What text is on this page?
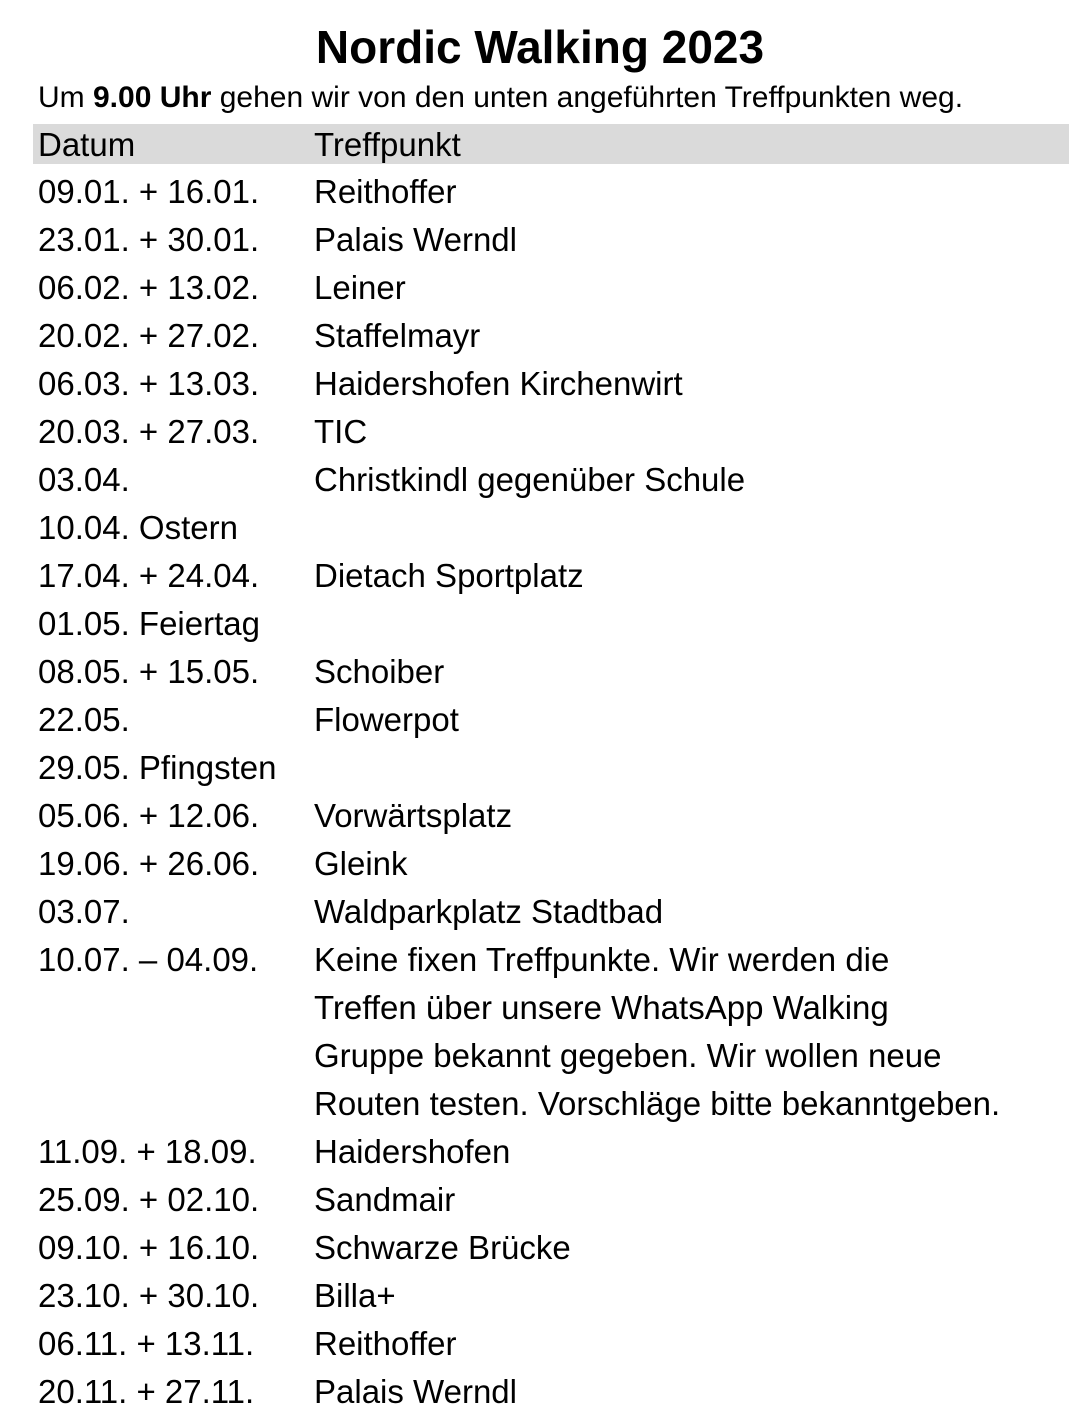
Nordic Walking 2023
Um 9.00 Uhr gehen wir von den unten angeführten Treffpunkten weg.
Datum	Treffpunkt
09.01. + 16.01.	Reithoffer
23.01. + 30.01.	Palais Werndl
06.02. + 13.02.	Leiner
20.02. + 27.02.	Staffelmayr
06.03. + 13.03.	Haidershofen Kirchenwirt
20.03. + 27.03.	TIC
03.04.	Christkindl gegenüber Schule
10.04. Ostern
17.04. + 24.04.	Dietach Sportplatz
01.05. Feiertag
08.05. + 15.05.	Schoiber
22.05.	Flowerpot
29.05. Pfingsten
05.06. + 12.06.	Vorwärtsplatz
19.06. + 26.06.	Gleink
03.07.	Waldparkplatz Stadtbad
10.07. – 04.09.	Keine fixen Treffpunkte. Wir werden die
Treffen über unsere WhatsApp Walking
Gruppe bekannt gegeben. Wir wollen neue
Routen testen. Vorschläge bitte bekanntgeben.
11.09. + 18.09.	Haidershofen
25.09. + 02.10.	Sandmair
09.10. + 16.10.	Schwarze Brücke
23.10. + 30.10.	Billa+
06.11. + 13.11.	Reithoffer
20.11. + 27.11.	Palais Werndl
